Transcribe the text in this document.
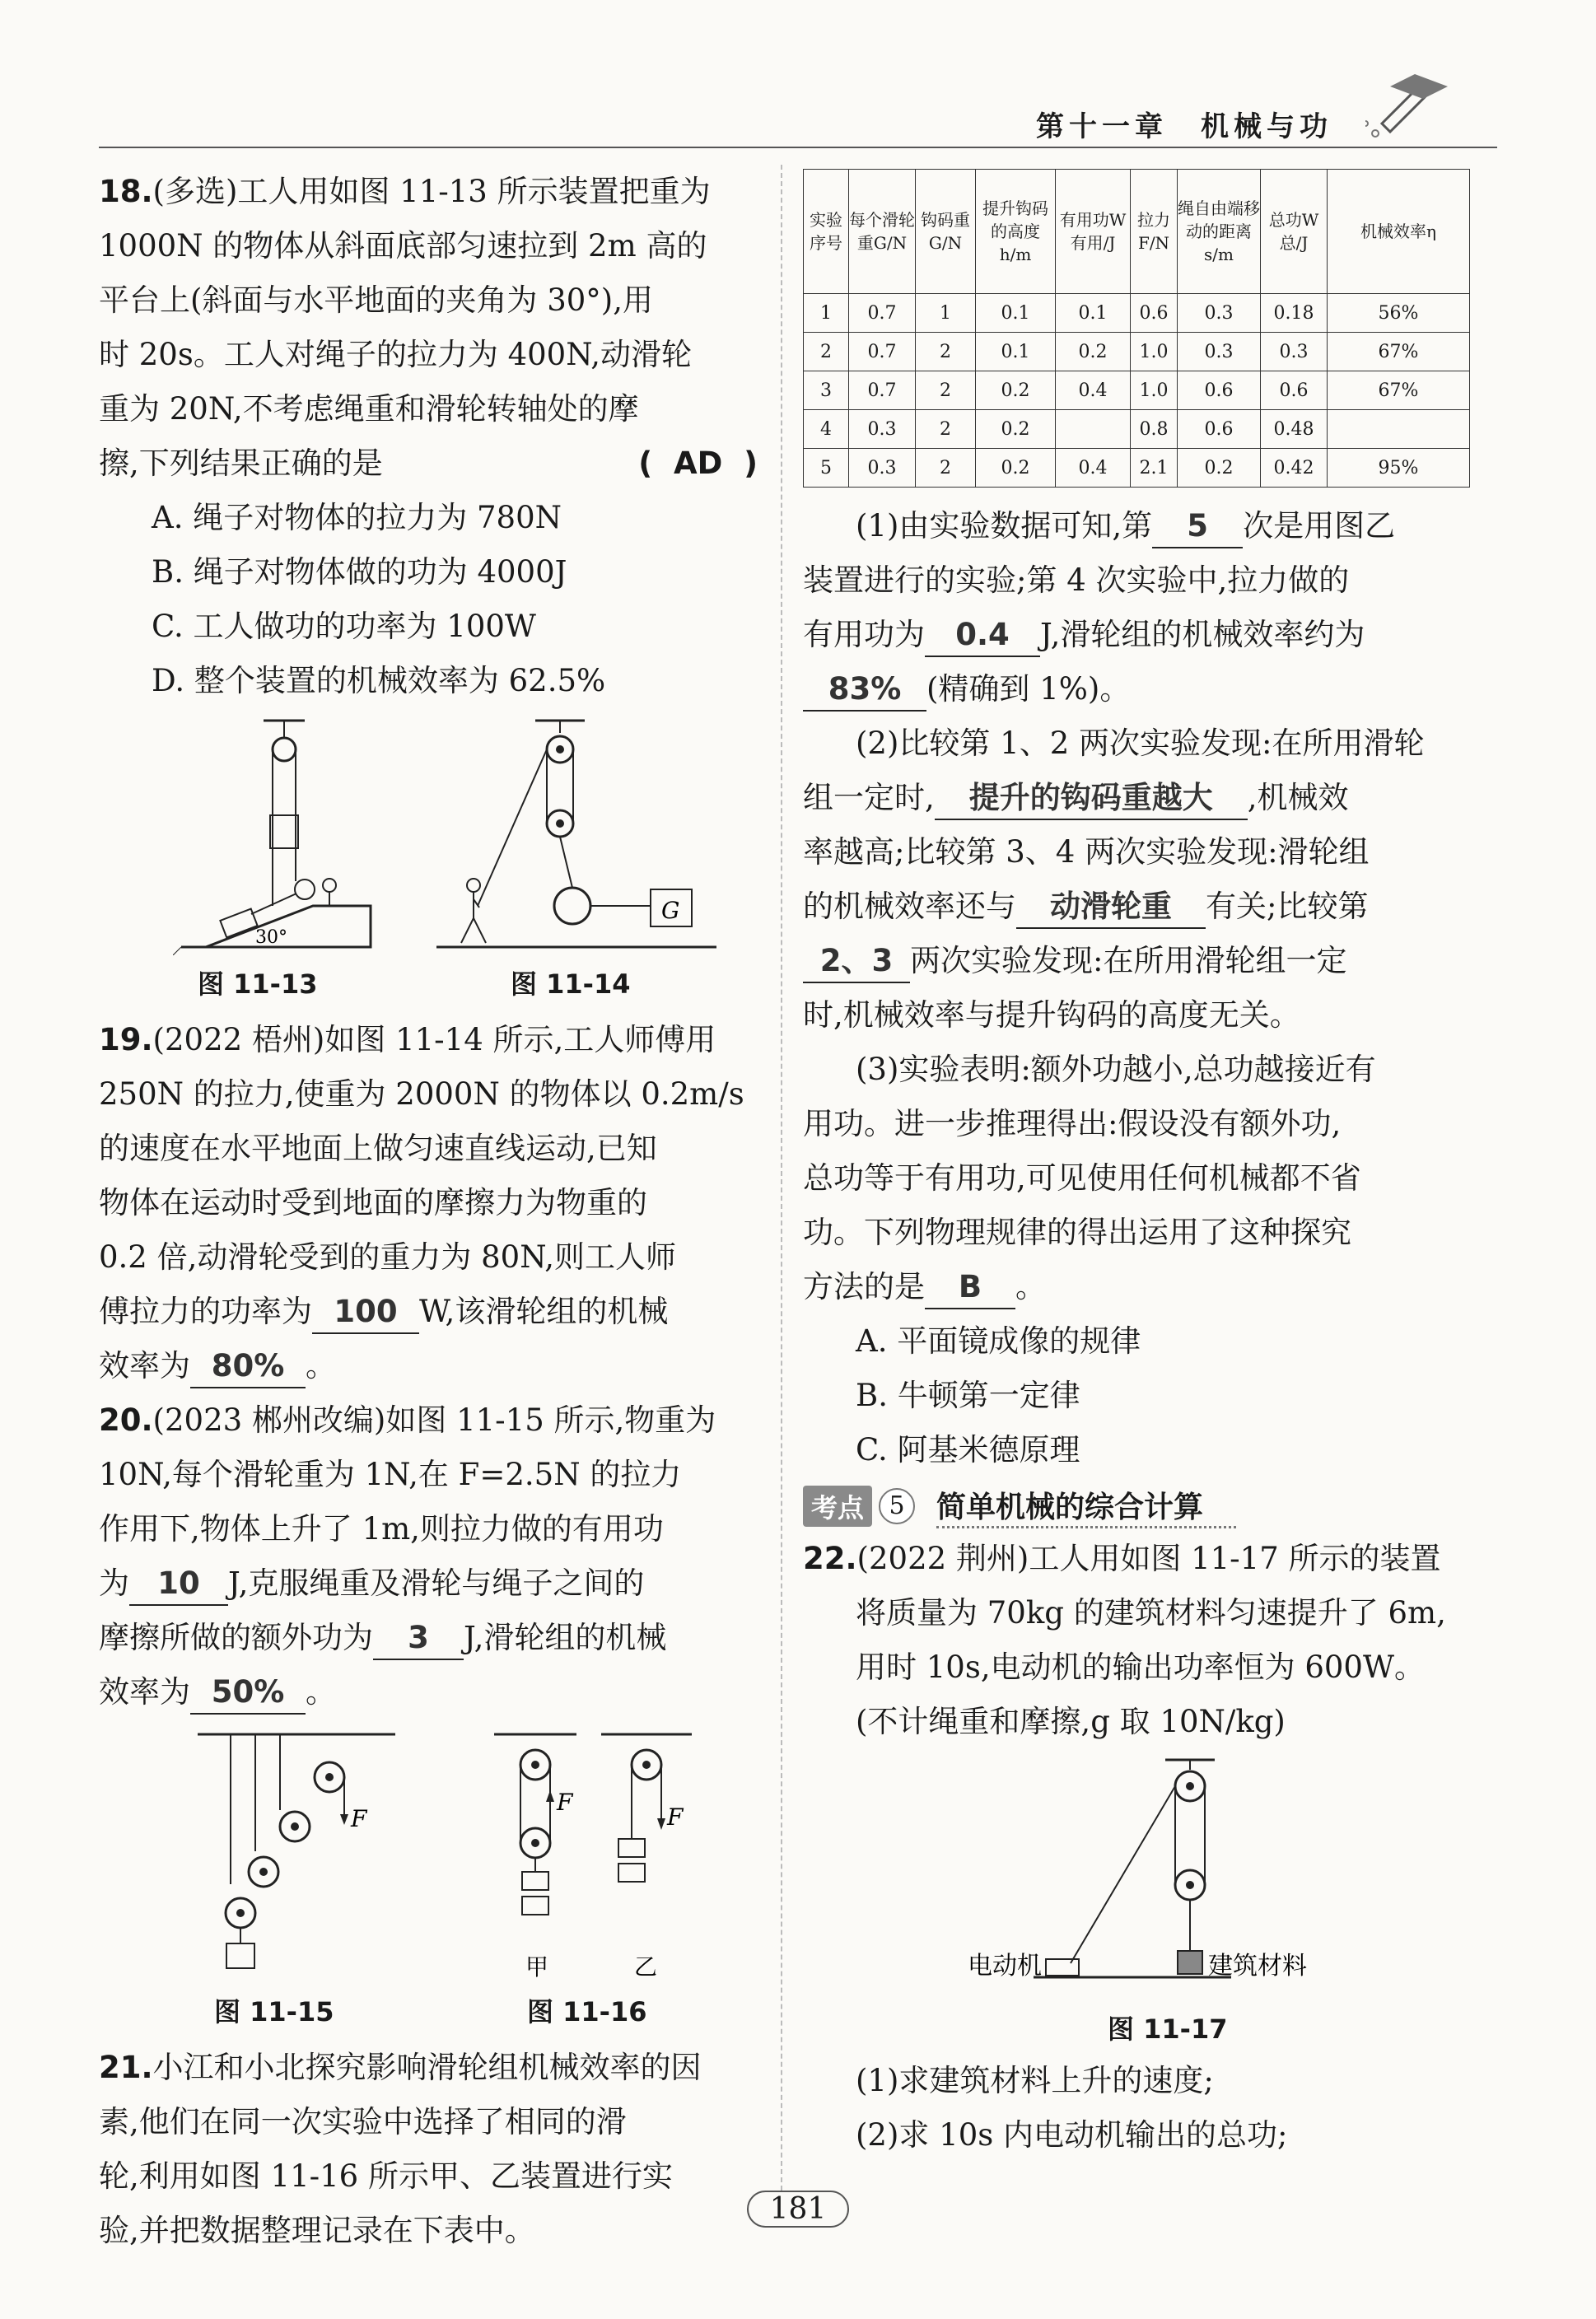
第十一章　机械与功

18.(多选)工人用如图 11-13 所示装置把重为

1000N 的物体从斜面底部匀速拉到 2m 高的

平台上(斜面与水平地面的夹角为 30°),用

时 20s。工人对绳子的拉力为 400N,动滑轮

重为 20N,不考虑绳重和滑轮转轴处的摩

擦,下列结果正确的是	( AD )

A. 绳子对物体的拉力为 780N

B. 绳子对物体做的功为 4000J

C. 工人做功的功率为 100W

D. 整个装置的机械效率为 62.5%

30°
G
图 11-13	图 11-14

19.(2022 梧州)如图 11-14 所示,工人师傅用

250N 的拉力,使重为 2000N 的物体以 0.2m/s

的速度在水平地面上做匀速直线运动,已知

物体在运动时受到地面的摩擦力为物重的

0.2 倍,动滑轮受到的重力为 80N,则工人师

傅拉力的功率为 100 W,该滑轮组的机械

效率为 80% 。

20.(2023 郴州改编)如图 11-15 所示,物重为

10N,每个滑轮重为 1N,在 F=2.5N 的拉力

作用下,物体上升了 1m,则拉力做的有用功

为 10 J,克服绳重及滑轮与绳子之间的

摩擦所做的额外功为 3 J,滑轮组的机械

效率为 50% 。

F
F
F
甲	乙
图 11-15	图 11-16

21.小江和小北探究影响滑轮组机械效率的因

素,他们在同一次实验中选择了相同的滑

轮,利用如图 11-16 所示甲、乙装置进行实

验,并把数据整理记录在下表中。

实验序号	每个滑轮重G/N	钩码重G/N	提升钩码的高度h/m	有用功W有用/J	拉力F/N	绳自由端移动的距离s/m	总功W总/J	机械效率η
1	0.7	1	0.1	0.1	0.6	0.3	0.18	56%
2	0.7	2	0.1	0.2	1.0	0.3	0.3	67%
3	0.7	2	0.2	0.4	1.0	0.6	0.6	67%
4	0.3	2	0.2		0.8	0.6	0.48	
5	0.3	2	0.2	0.4	2.1	0.2	0.42	95%

(1)由实验数据可知,第 5 次是用图乙

装置进行的实验;第 4 次实验中,拉力做的

有用功为 0.4 J,滑轮组的机械效率约为

83% (精确到 1%)。

(2)比较第 1、2 两次实验发现:在所用滑轮

组一定时, 提升的钩码重越大 ,机械效

率越高;比较第 3、4 两次实验发现:滑轮组

的机械效率还与 动滑轮重 有关;比较第

2、3 两次实验发现:在所用滑轮组一定

时,机械效率与提升钩码的高度无关。

(3)实验表明:额外功越小,总功越接近有

用功。进一步推理得出:假设没有额外功,

总功等于有用功,可见使用任何机械都不省

功。下列物理规律的得出运用了这种探究

方法的是 B 。

A. 平面镜成像的规律

B. 牛顿第一定律

C. 阿基米德原理

考点	5	简单机械的综合计算

22.(2022 荆州)工人用如图 11-17 所示的装置

将质量为 70kg 的建筑材料匀速提升了 6m,

用时 10s,电动机的输出功率恒为 600W。

(不计绳重和摩擦,g 取 10N/kg)

电动机	建筑材料
图 11-17

(1)求建筑材料上升的速度;

(2)求 10s 内电动机输出的总功;

181
